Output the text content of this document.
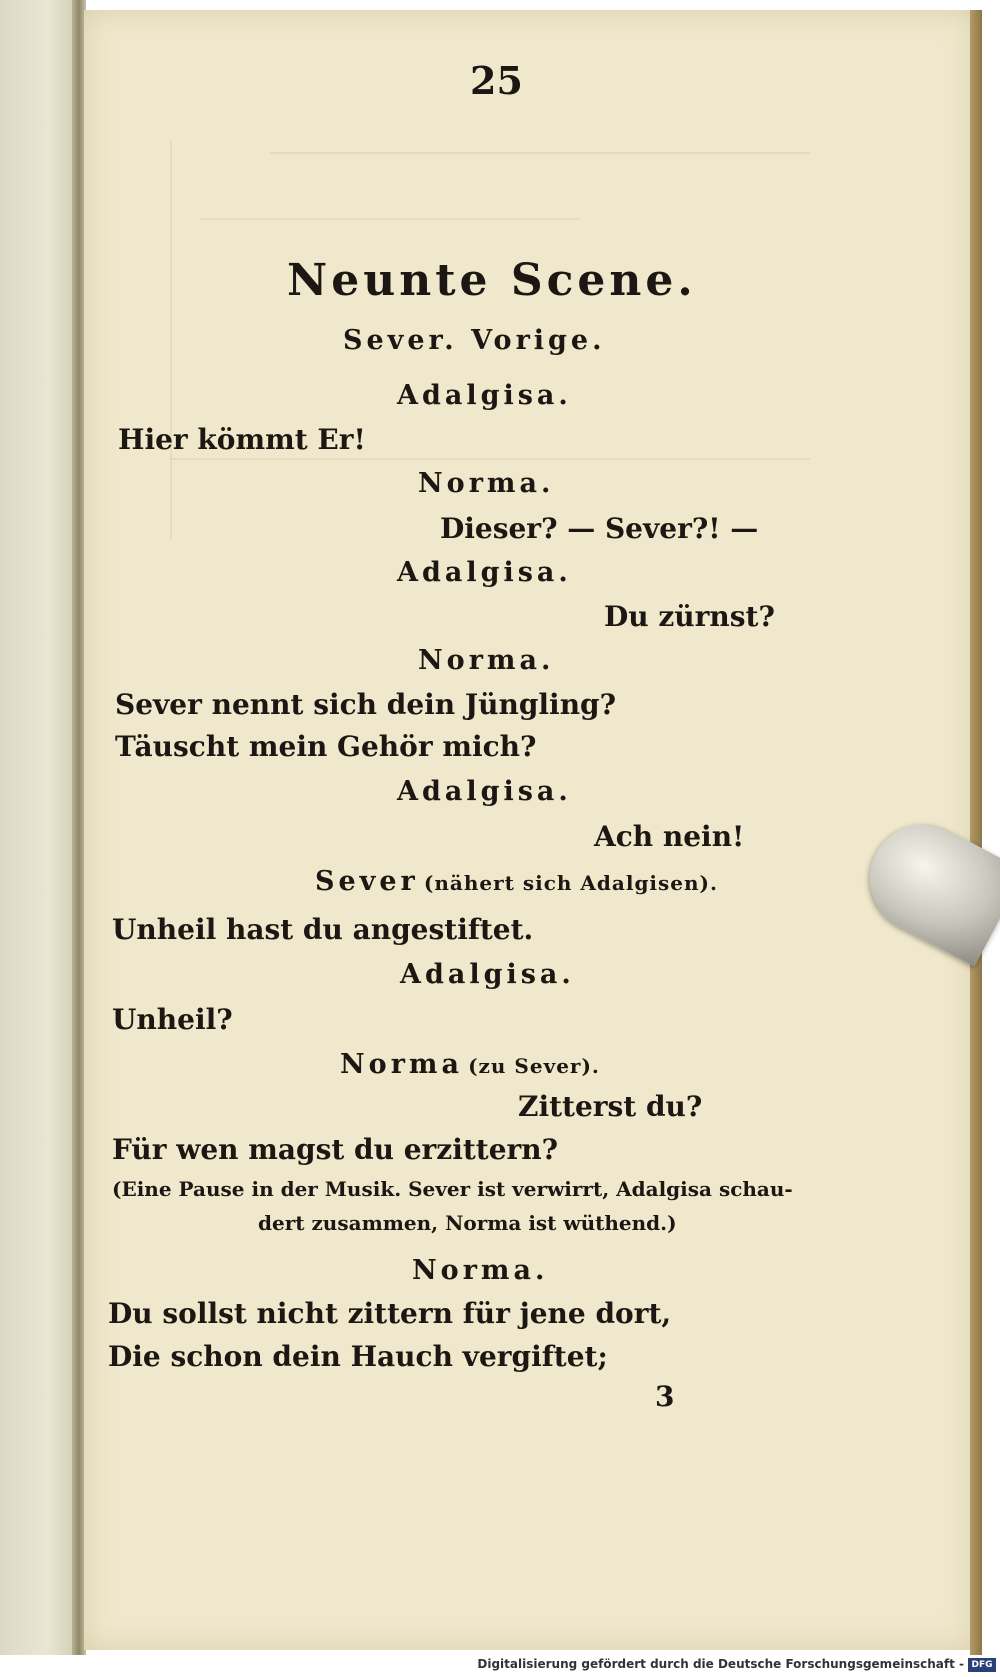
25
Neunte Scene.
Sever. Vorige.
Adalgisa.
Hier kömmt Er!
Norma.
Dieser? — Sever?! —
Adalgisa.
Du zürnst?
Norma.
Sever nennt sich dein Jüngling?
Täuscht mein Gehör mich?
Adalgisa.
Ach nein!
Sever (nähert sich Adalgisen).
Unheil hast du angestiftet.
Adalgisa.
Unheil?
Norma (zu Sever).
Zitterst du?
Für wen magst du erzittern?
(Eine Pause in der Musik. Sever ist verwirrt, Adalgisa schau-
dert zusammen, Norma ist wüthend.)
Norma.
Du sollst nicht zittern für jene dort,
Die schon dein Hauch vergiftet;
3
Digitalisierung gefördert durch die Deutsche Forschungsgemeinschaft - DFG
